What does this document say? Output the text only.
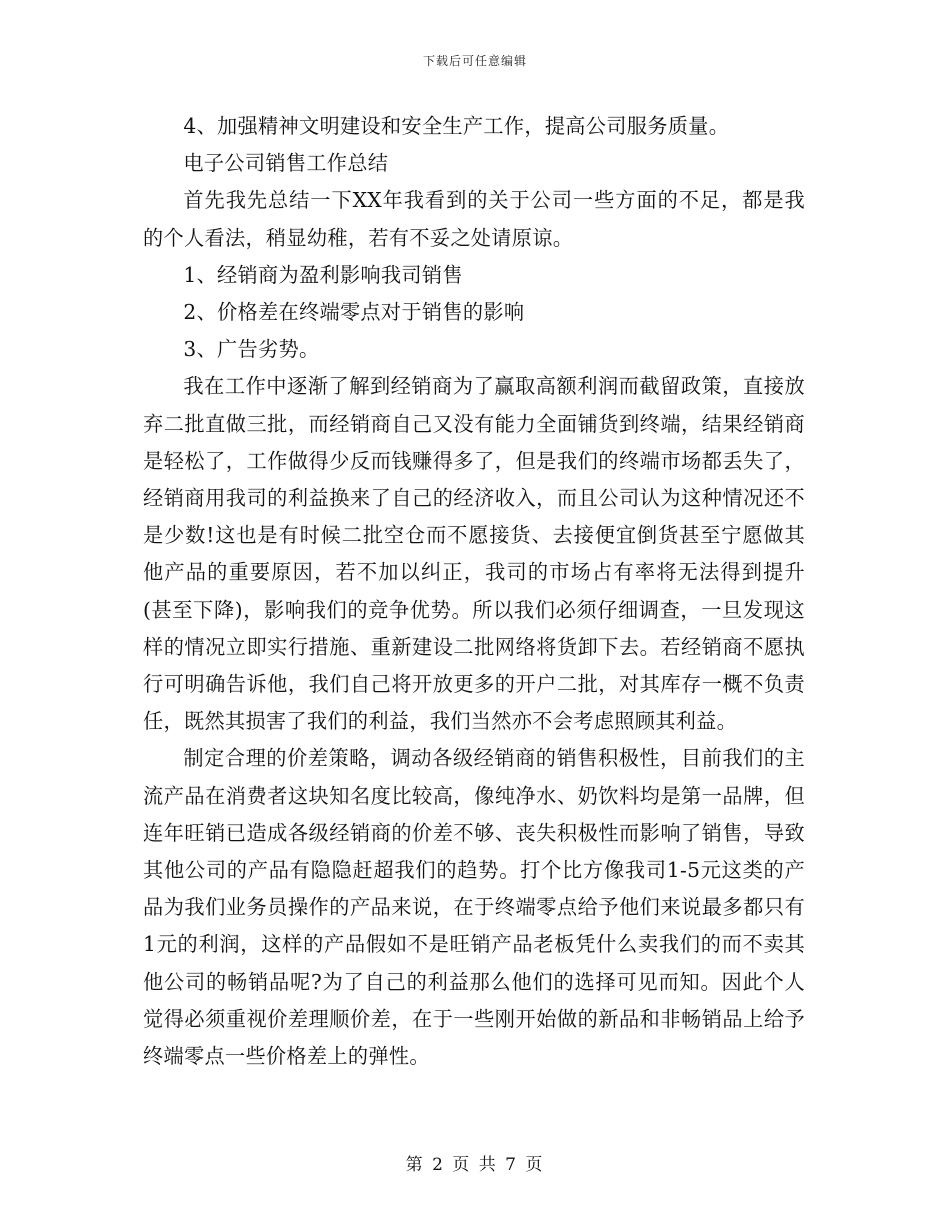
下载后可任意编辑

4、加强精神文明建设和安全生产工作，提高公司服务质量。

电子公司销售工作总结

首先我先总结一下XX年我看到的关于公司一些方面的不足，都是我的个人看法，稍显幼稚，若有不妥之处请原谅。

1、经销商为盈利影响我司销售

2、价格差在终端零点对于销售的影响

3、广告劣势。

我在工作中逐渐了解到经销商为了赢取高额利润而截留政策，直接放弃二批直做三批，而经销商自己又没有能力全面铺货到终端，结果经销商是轻松了，工作做得少反而钱赚得多了，但是我们的终端市场都丢失了，经销商用我司的利益换来了自己的经济收入，而且公司认为这种情况还不是少数!这也是有时候二批空仓而不愿接货、去接便宜倒货甚至宁愿做其他产品的重要原因，若不加以纠正，我司的市场占有率将无法得到提升(甚至下降)，影响我们的竞争优势。所以我们必须仔细调查，一旦发现这样的情况立即实行措施、重新建设二批网络将货卸下去。若经销商不愿执行可明确告诉他，我们自己将开放更多的开户二批，对其库存一概不负责任，既然其损害了我们的利益，我们当然亦不会考虑照顾其利益。

制定合理的价差策略，调动各级经销商的销售积极性，目前我们的主流产品在消费者这块知名度比较高，像纯净水、奶饮料均是第一品牌，但连年旺销已造成各级经销商的价差不够、丧失积极性而影响了销售，导致其他公司的产品有隐隐赶超我们的趋势。打个比方像我司1-5元这类的产品为我们业务员操作的产品来说，在于终端零点给予他们来说最多都只有1元的利润，这样的产品假如不是旺销产品老板凭什么卖我们的而不卖其他公司的畅销品呢?为了自己的利益那么他们的选择可见而知。因此个人觉得必须重视价差理顺价差，在于一些刚开始做的新品和非畅销品上给予终端零点一些价格差上的弹性。

第 2 页 共 7 页
